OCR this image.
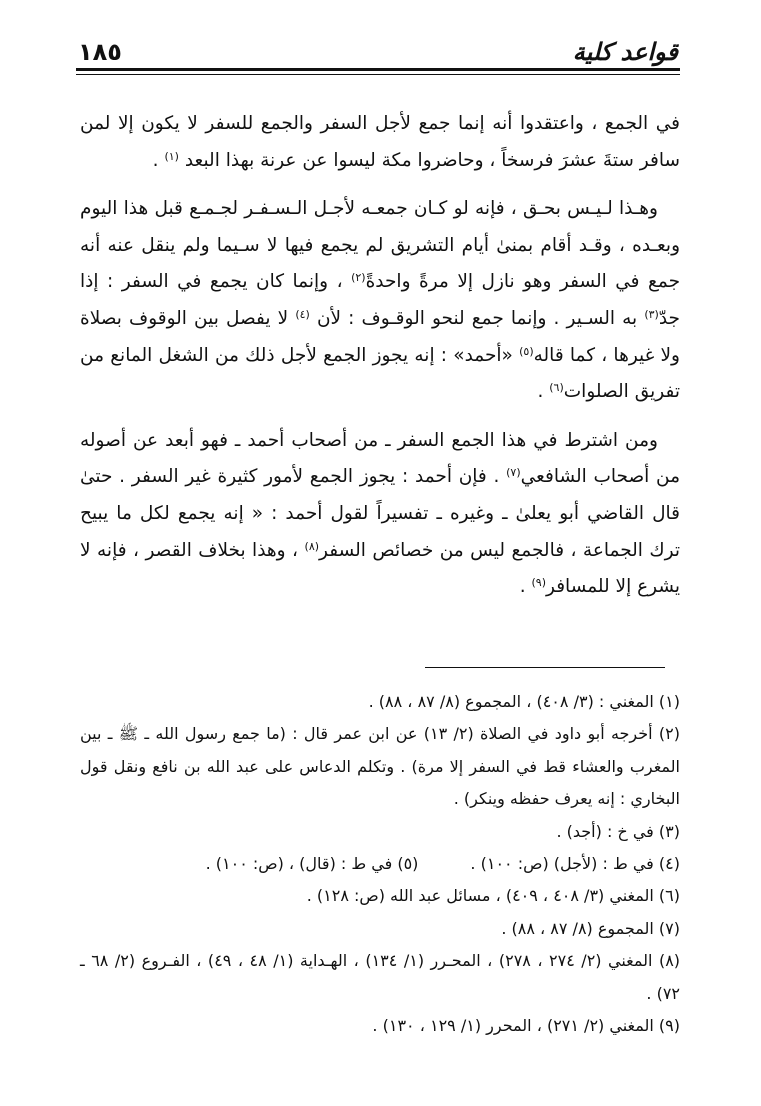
قواعد كلية
١٨٥

في الجمع ، واعتقدوا أنه إنما جمع لأجل السفر والجمع للسفر لا يكون إلا لمن سافر ستةَ عشرَ فرسخاً ، وحاضروا مكة ليسوا عن عرنة بهذا البعد $^{(١)}$ .

وهـذا لـيـس بحـق ، فإنه لو كـان جمعـه لأجـل الـسـفـر لجـمـع قبل هذا اليوم وبعـده ، وقـد أقام بمنىٰ أيام التشريق لم يجمع فيها لا سـيما ولم ينقل عنه أنه جمع في السفر وهو نازل إلا مرةً واحدةً$^{(٢)}$ ، وإنما كان يجمع في السفر : إذا جدّ$^{(٣)}$ به السـير . وإنما جمع لنحو الوقـوف : لأن $^{(٤)}$ لا يفصل بين الوقوف بصلاة ولا غيرها ، كما قاله$^{(٥)}$ «أحمد» : إنه يجوز الجمع لأجل ذلك من الشغل المانع من تفريق الصلوات$^{(٦)}$ .

ومن اشترط في هذا الجمع السفر ـ من أصحاب أحمد ـ فهو أبعد عن أصوله من أصحاب الشافعي$^{(٧)}$ . فإن أحمد : يجوز الجمع لأمور كثيرة غير السفر . حتىٰ قال القاضي أبو يعلىٰ ـ وغيره ـ تفسيراً لقول أحمد : « إنه يجمع لكل ما يبيح ترك الجماعة ، فالجمع ليس من خصائص السفر$^{(٨)}$ ، وهذا بخلاف القصر ، فإنه لا يشرع إلا للمسافر$^{(٩)}$ .

(١) المغني : (٣/ ٤٠٨) ، المجموع (٨/ ٨٧ ، ٨٨) .

(٢) أخرجه أبو داود في الصلاة (٢/ ١٣) عن ابن عمر قال : (ما جمع رسول الله ـ ﷺ ـ بين المغرب والعشاء قط في السفر إلا مرة) . وتكلم الدعاس على عبد الله بن نافع ونقل قول البخاري : إنه يعرف حفظه وينكر) .

(٣) في خ : (أجد) .

(٤) في ط : (لأجل) (ص: ١٠٠) .

(٥) في ط : (قال) ، (ص: ١٠٠) .

(٦) المغني (٣/ ٤٠٨ ، ٤٠٩) ، مسائل عبد الله (ص: ١٢٨) .

(٧) المجموع (٨/ ٨٧ ، ٨٨) .

(٨) المغني (٢/ ٢٧٤ ، ٢٧٨) ، المحـرر (١/ ١٣٤) ، الهـداية (١/ ٤٨ ، ٤٩) ، الفـروع (٢/ ٦٨ ـ ٧٢) .

(٩) المغني (٢/ ٢٧١) ، المحرر (١/ ١٢٩ ، ١٣٠) .
